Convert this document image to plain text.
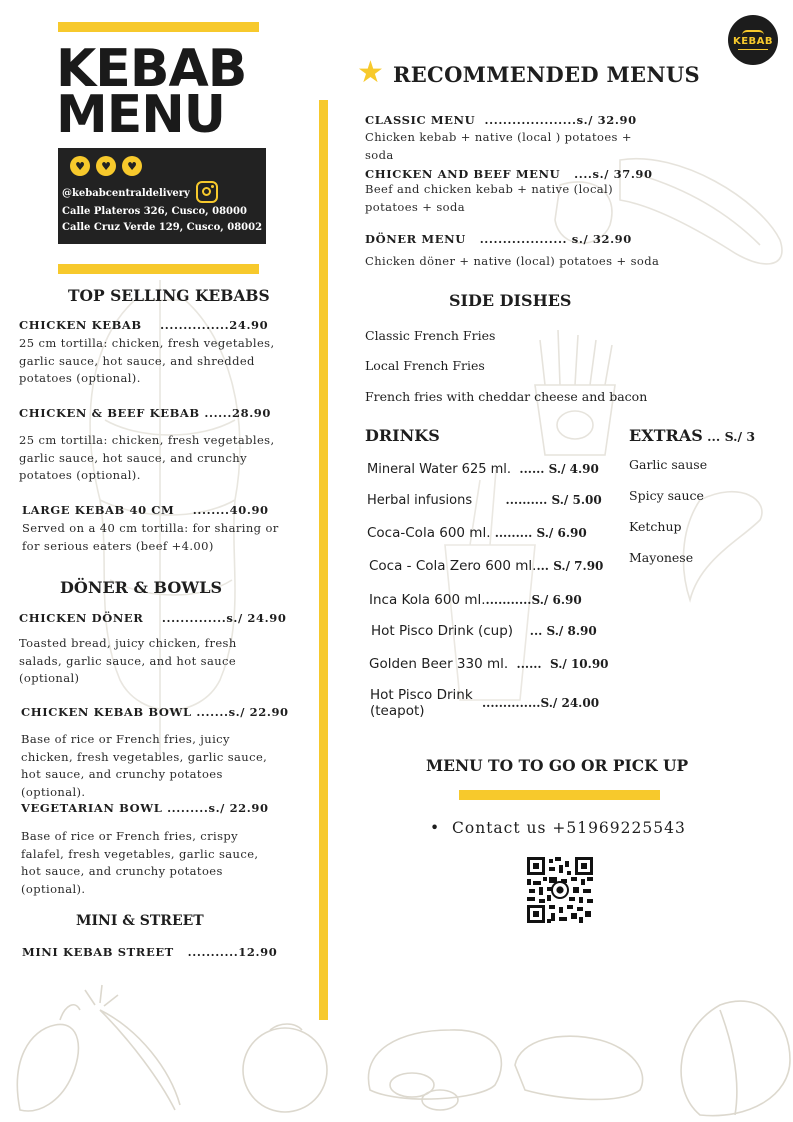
KEBAB
KEBAB
MENU
♥	♥	♥
@kebabcentraldelivery
Calle Plateros 326, Cusco, 08000
Calle Cruz Verde 129, Cusco, 08002
TOP SELLING KEBABS
CHICKEN KEBAB ...............24.90
25 cm tortilla: chicken, fresh vegetables,
garlic sauce, hot sauce, and shredded
potatoes (optional).
CHICKEN & BEEF KEBAB ......28.90
25 cm tortilla: chicken, fresh vegetables,
garlic sauce, hot sauce, and crunchy
potatoes (optional).
LARGE KEBAB 40 CM ........40.90
Served on a 40 cm tortilla: for sharing or
for serious eaters (beef +4.00)
DÖNER & BOWLS
CHICKEN DÖNER ..............s./ 24.90
Toasted bread, juicy chicken, fresh
salads, garlic sauce, and hot sauce
(optional)
CHICKEN KEBAB BOWL .......s./ 22.90
Base of rice or French fries, juicy
chicken, fresh vegetables, garlic sauce,
hot sauce, and crunchy potatoes
(optional).
VEGETARIAN BOWL .........s./ 22.90
Base of rice or French fries, crispy
falafel, fresh vegetables, garlic sauce,
hot sauce, and crunchy potatoes
(optional).
MINI & STREET
MINI KEBAB STREET ...........12.90
★ RECOMMENDED MENUS
CLASSIC MENU ....................s./ 32.90
Chicken kebab + native (local ) potatoes +
soda
CHICKEN AND BEEF MENU ....s./ 37.90
Beef and chicken kebab + native (local)
potatoes + soda
DÖNER MENU ................... s./ 32.90
Chicken döner + native (local) potatoes + soda
SIDE DISHES
Classic French Fries
Local French Fries
French fries with cheddar cheese and bacon
DRINKS
Mineral Water 625 ml. ...... S./ 4.90
Herbal infusions	.......... S./ 5.00
Coca-Cola 600 ml. ......... S./ 6.90
Coca - Cola Zero 600 ml.... S./ 7.90
Inca Kola 600 ml............S./ 6.90
Hot Pisco Drink (cup) ... S./ 8.90
Golden Beer 330 ml. ...... S./ 10.90
Hot Pisco Drink
(teapot)	..............S./ 24.00
EXTRAS ... S./ 3
Garlic sause
Spicy sauce
Ketchup
Mayonese
MENU TO TO GO OR PICK UP
• Contact us +51969225543
